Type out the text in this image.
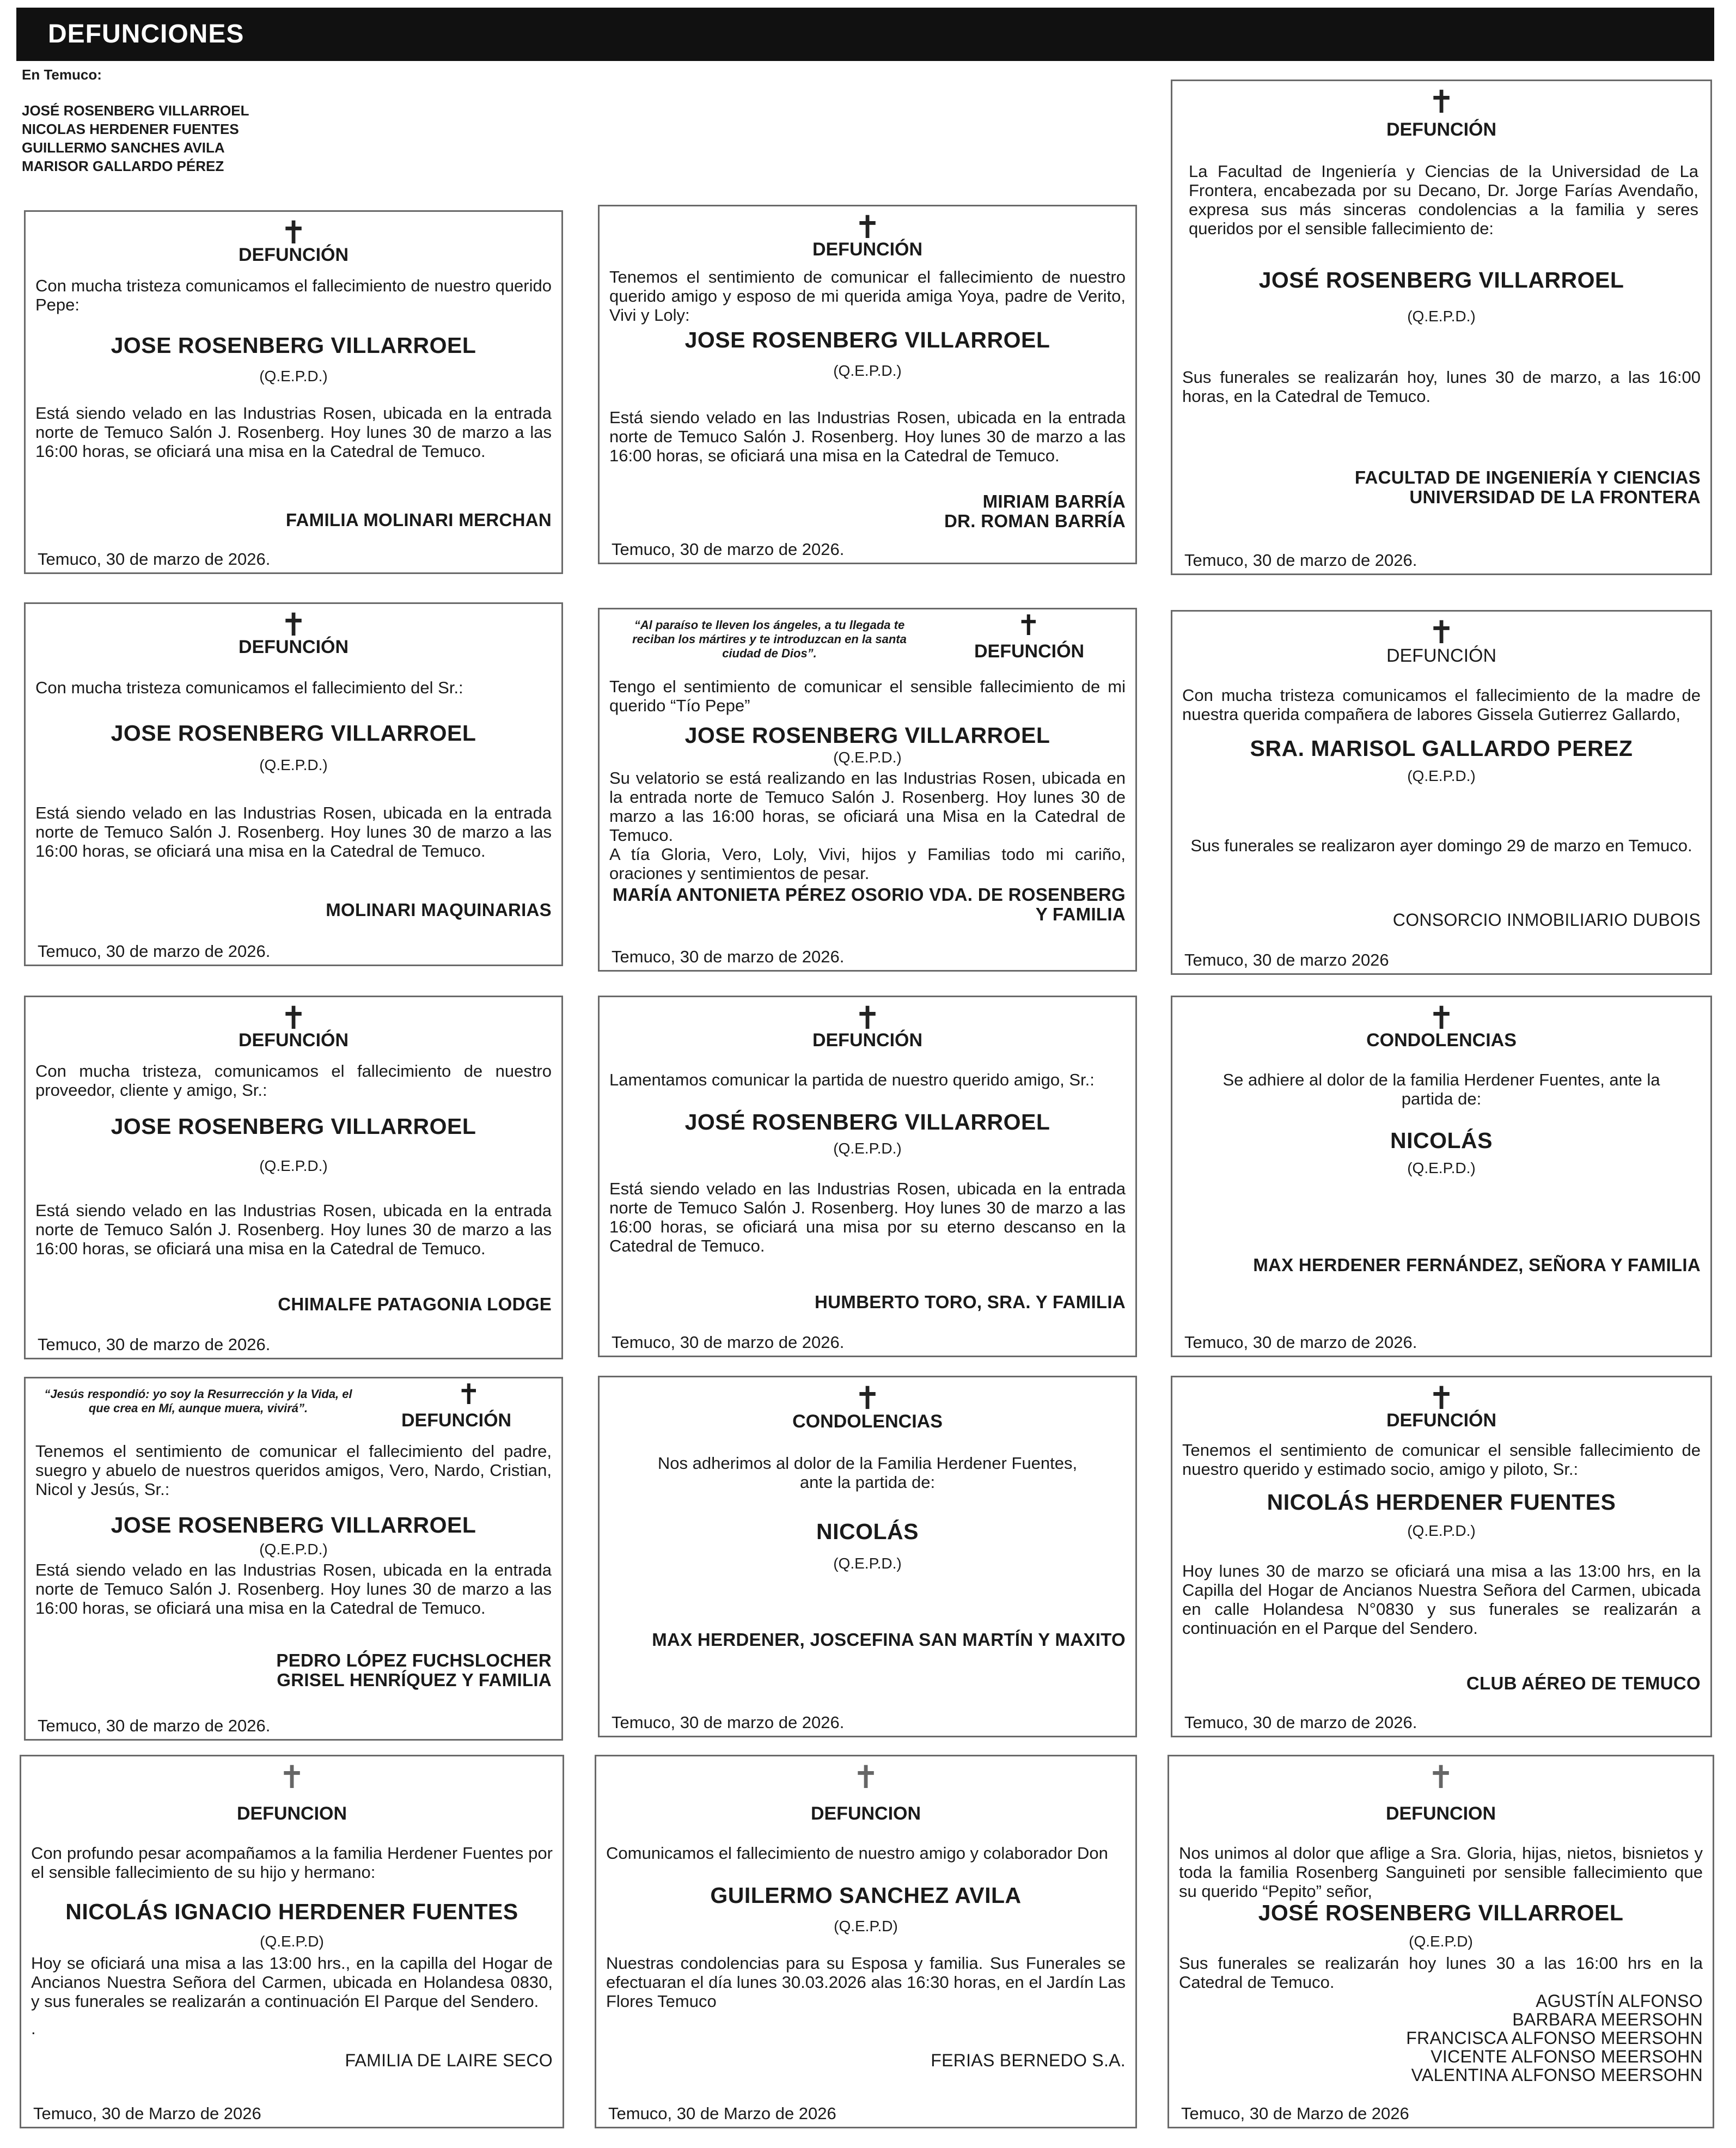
DEFUNCIONES
En Temuco:
JOSÉ ROSENBERG VILLARROEL
NICOLAS HERDENER FUENTES
GUILLERMO SANCHES AVILA
MARISOR GALLARDO PÉREZ
✝
DEFUNCIÓN
Con mucha tristeza comunicamos el fallecimiento de nuestro querido Pepe:
JOSE ROSENBERG VILLARROEL
(Q.E.P.D.)
Está siendo velado en las Industrias Rosen, ubicada en la entrada norte de Temuco Salón J. Rosenberg. Hoy lunes 30 de marzo a las 16:00 horas, se oficiará una misa en la Catedral de Temuco.
FAMILIA MOLINARI MERCHAN
Temuco, 30 de marzo de 2026.
✝
DEFUNCIÓN
Tenemos el sentimiento de comunicar el fallecimiento de nuestro querido amigo y esposo de mi querida amiga Yoya, padre de Verito, Vivi y Loly:
JOSE ROSENBERG VILLARROEL
(Q.E.P.D.)
Está siendo velado en las Industrias Rosen, ubicada en la entrada norte de Temuco Salón J. Rosenberg. Hoy lunes 30 de marzo a las 16:00 horas, se oficiará una misa en la Catedral de Temuco.
MIRIAM BARRÍA
DR. ROMAN BARRÍA
Temuco, 30 de marzo de 2026.
✝
DEFUNCIÓN
La Facultad de Ingeniería y Ciencias de la Universidad de La Frontera, encabezada por su Decano, Dr. Jorge Farías Avendaño, expresa sus más sinceras condolencias a la familia y seres queridos por el sensible fallecimiento de:
JOSÉ ROSENBERG VILLARROEL
(Q.E.P.D.)
Sus funerales se realizarán hoy, lunes 30 de marzo, a las 16:00 horas, en la Catedral de Temuco.
FACULTAD DE INGENIERÍA Y CIENCIAS
UNIVERSIDAD DE LA FRONTERA
Temuco, 30 de marzo de 2026.
✝
DEFUNCIÓN
Con mucha tristeza comunicamos el fallecimiento del Sr.:
JOSE ROSENBERG VILLARROEL
(Q.E.P.D.)
Está siendo velado en las Industrias Rosen, ubicada en la entrada norte de Temuco Salón J. Rosenberg. Hoy lunes 30 de marzo a las 16:00 horas, se oficiará una misa en la Catedral de Temuco.
MOLINARI MAQUINARIAS
Temuco, 30 de marzo de 2026.
“Al paraíso te lleven los ángeles, a tu llegada te reciban los mártires y te introduzcan en la santa ciudad de Dios”.
✝
DEFUNCIÓN
Tengo el sentimiento de comunicar el sensible fallecimiento de mi querido “Tío Pepe”
JOSE ROSENBERG VILLARROEL
(Q.E.P.D.)
Su velatorio se está realizando en las Industrias Rosen, ubicada en la entrada norte de Temuco Salón J. Rosenberg. Hoy lunes 30 de marzo a las 16:00 horas, se oficiará una Misa en la Catedral de Temuco.
A tía Gloria, Vero, Loly, Vivi, hijos y Familias todo mi cariño, oraciones y sentimientos de pesar.
MARÍA ANTONIETA PÉREZ OSORIO VDA. DE ROSENBERG
Y FAMILIA
Temuco, 30 de marzo de 2026.
✝
DEFUNCIÓN
Con mucha tristeza comunicamos el fallecimiento de la madre de nuestra querida compañera de labores Gissela Gutierrez Gallardo,
SRA. MARISOL GALLARDO PEREZ
(Q.E.P.D.)
Sus funerales se realizaron ayer domingo 29 de marzo en Temuco.
CONSORCIO INMOBILIARIO DUBOIS
Temuco, 30 de marzo 2026
✝
DEFUNCIÓN
Con mucha tristeza, comunicamos el fallecimiento de nuestro proveedor, cliente y amigo, Sr.:
JOSE ROSENBERG VILLARROEL
(Q.E.P.D.)
Está siendo velado en las Industrias Rosen, ubicada en la entrada norte de Temuco Salón J. Rosenberg. Hoy lunes 30 de marzo a las 16:00 horas, se oficiará una misa en la Catedral de Temuco.
CHIMALFE PATAGONIA LODGE
Temuco, 30 de marzo de 2026.
✝
DEFUNCIÓN
Lamentamos comunicar la partida de nuestro querido amigo, Sr.:
JOSÉ ROSENBERG VILLARROEL
(Q.E.P.D.)
Está siendo velado en las Industrias Rosen, ubicada en la entrada norte de Temuco Salón J. Rosenberg. Hoy lunes 30 de marzo a las 16:00 horas, se oficiará una misa por su eterno descanso en la Catedral de Temuco.
HUMBERTO TORO, SRA. Y FAMILIA
Temuco, 30 de marzo de 2026.
✝
CONDOLENCIAS
Se adhiere al dolor de la familia Herdener Fuentes, ante la partida de:
NICOLÁS
(Q.E.P.D.)
MAX HERDENER FERNÁNDEZ, SEÑORA Y FAMILIA
Temuco, 30 de marzo de 2026.
“Jesús respondió: yo soy la Resurrección y la Vida, el que crea en Mí, aunque muera, vivirá”.	✝
DEFUNCIÓN
Tenemos el sentimiento de comunicar el fallecimiento del padre, suegro y abuelo de nuestros queridos amigos, Vero, Nardo, Cristian, Nicol y Jesús, Sr.:
JOSE ROSENBERG VILLARROEL
(Q.E.P.D.)
Está siendo velado en las Industrias Rosen, ubicada en la entrada norte de Temuco Salón J. Rosenberg. Hoy lunes 30 de marzo a las 16:00 horas, se oficiará una misa en la Catedral de Temuco.
PEDRO LÓPEZ FUCHSLOCHER
GRISEL HENRÍQUEZ Y FAMILIA
Temuco, 30 de marzo de 2026.
✝
CONDOLENCIAS
Nos adherimos al dolor de la Familia Herdener Fuentes, ante la partida de:
NICOLÁS
(Q.E.P.D.)
MAX HERDENER, JOSCEFINA SAN MARTÍN Y MAXITO
Temuco, 30 de marzo de 2026.
✝
DEFUNCIÓN
Tenemos el sentimiento de comunicar el sensible fallecimiento de nuestro querido y estimado socio, amigo y piloto, Sr.:
NICOLÁS HERDENER FUENTES
(Q.E.P.D.)
Hoy lunes 30 de marzo se oficiará una misa a las 13:00 hrs, en la Capilla del Hogar de Ancianos Nuestra Señora del Carmen, ubicada en calle Holandesa N°0830 y sus funerales se realizarán a continuación en el Parque del Sendero.
CLUB AÉREO DE TEMUCO
Temuco, 30 de marzo de 2026.
✝
DEFUNCION
Con profundo pesar acompañamos a la familia Herdener Fuentes por el sensible fallecimiento de su hijo y hermano:
NICOLÁS IGNACIO HERDENER FUENTES
(Q.E.P.D)
Hoy se oficiará una misa a las 13:00 hrs., en la capilla del Hogar de Ancianos Nuestra Señora del Carmen, ubicada en Holandesa 0830, y sus funerales se realizarán a continuación El Parque del Sendero.
.
FAMILIA DE LAIRE SECO
Temuco, 30 de Marzo de 2026
✝
DEFUNCION
Comunicamos el fallecimiento de nuestro amigo y colaborador Don
GUILERMO SANCHEZ AVILA
(Q.E.P.D)
Nuestras condolencias para su Esposa y familia. Sus Funerales se efectuaran el día lunes 30.03.2026 alas 16:30 horas, en el Jardín Las Flores Temuco
FERIAS BERNEDO S.A.
Temuco, 30 de Marzo de 2026
✝
DEFUNCION
Nos unimos al dolor que aflige a Sra. Gloria, hijas, nietos, bisnietos y toda la familia Rosenberg Sanguineti por sensible fallecimiento que su querido “Pepito” señor,
JOSÉ ROSENBERG VILLARROEL
(Q.E.P.D)
Sus funerales se realizarán hoy lunes 30 a las 16:00 hrs en la Catedral de Temuco.
AGUSTÍN ALFONSO
BARBARA MEERSOHN
FRANCISCA ALFONSO MEERSOHN
VICENTE ALFONSO MEERSOHN
VALENTINA ALFONSO MEERSOHN
Temuco, 30 de Marzo de 2026
